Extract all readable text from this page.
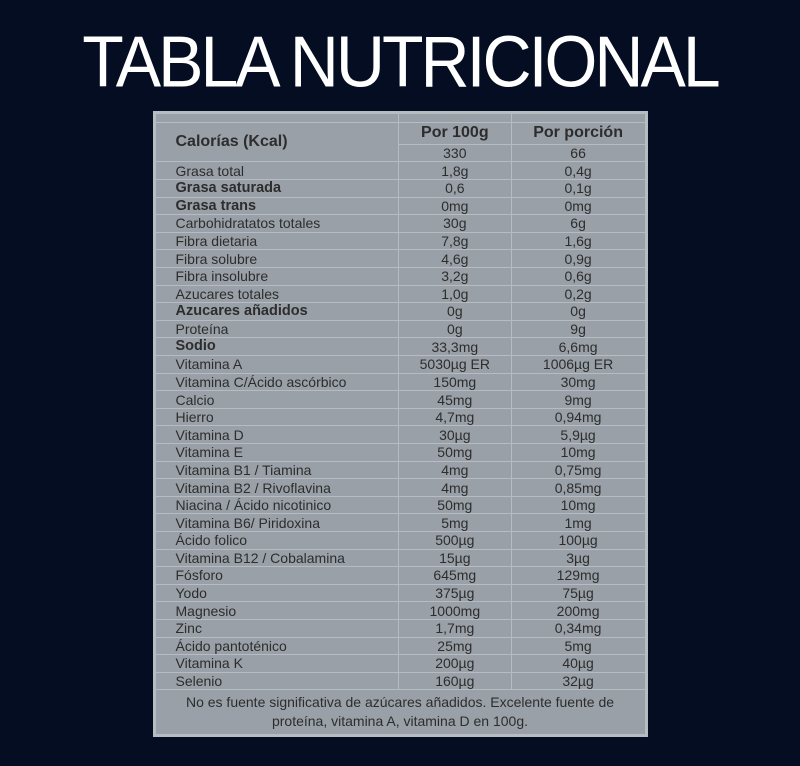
TABLA NUTRICIONAL

Calorías (Kcal)	Por 100g	Por porción
	330	66
Grasa total	1,8g	0,4g
Grasa saturada	0,6	0,1g
Grasa trans	0mg	0mg
Carbohidratatos totales	30g	6g
Fibra dietaria	7,8g	1,6g
Fibra solubre	4,6g	0,9g
Fibra insolubre	3,2g	0,6g
Azucares totales	1,0g	0,2g
Azucares añadidos	0g	0g
Proteína	0g	9g
Sodio	33,3mg	6,6mg
Vitamina A	5030µg ER	1006µg ER
Vitamina C/Ácido ascórbico	150mg	30mg
Calcio	45mg	9mg
Hierro	4,7mg	0,94mg
Vitamina D	30µg	5,9µg
Vitamina E	50mg	10mg
Vitamina B1 / Tiamina	4mg	0,75mg
Vitamina B2 / Rivoflavina	4mg	0,85mg
Niacina / Ácido nicotinico	50mg	10mg
Vitamina B6/ Piridoxina	5mg	1mg
Ácido folico	500µg	100µg
Vitamina B12 / Cobalamina	15µg	3µg
Fósforo	645mg	129mg
Yodo	375µg	75µg
Magnesio	1000mg	200mg
Zinc	1,7mg	0,34mg
Ácido pantoténico	25mg	5mg
Vitamina K	200µg	40µg
Selenio	160µg	32µg

No es fuente significativa de azúcares añadidos. Excelente fuente de
proteína, vitamina A, vitamina D en 100g.		
